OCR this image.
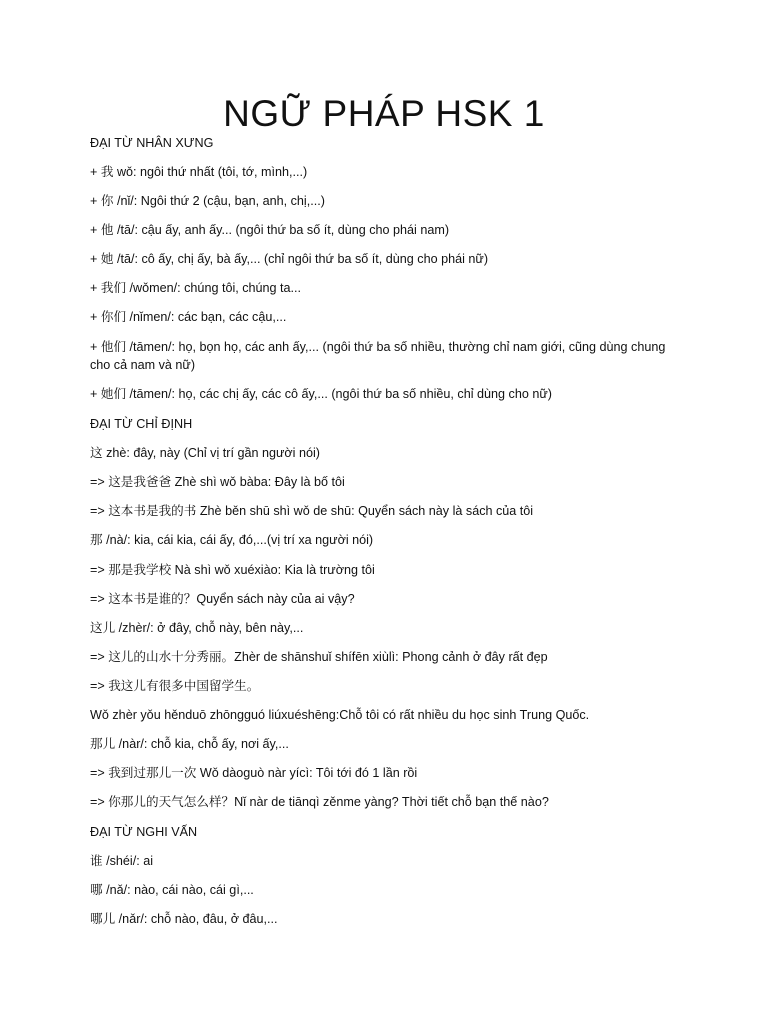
NGỮ PHÁP HSK 1
ĐẠI TỪ NHÂN XƯNG
+ 我 wǒ: ngôi thứ nhất (tôi, tớ, mình,...)
+ 你 /nǐ/: Ngôi thứ 2 (cậu, bạn, anh, chị,...)
+ 他 /tā/: cậu ấy, anh ấy... (ngôi thứ ba số ít, dùng cho phái nam)
+ 她 /tā/: cô ấy, chị ấy, bà ấy,... (chỉ ngôi thứ ba số ít, dùng cho phái nữ)
+ 我们 /wǒmen/: chúng tôi, chúng ta...
+ 你们 /nǐmen/: các bạn, các cậu,...
+ 他们 /tāmen/: họ, bọn họ, các anh ấy,... (ngôi thứ ba số nhiều, thường chỉ nam giới, cũng dùng chung cho cả nam và nữ)
+ 她们 /tāmen/: họ, các chị ấy, các cô ấy,... (ngôi thứ ba số nhiều, chỉ dùng cho nữ)
ĐẠI TỪ CHỈ ĐỊNH
这 zhè: đây, này (Chỉ vị trí gần người nói)
=> 这是我爸爸 Zhè shì wǒ bàba: Đây là bố tôi
=> 这本书是我的书 Zhè běn shū shì wǒ de shū: Quyển sách này là sách của tôi
那 /nà/: kia, cái kia, cái ấy, đó,...(vị trí xa người nói)
=> 那是我学校 Nà shì wǒ xuéxiào: Kia là trường tôi
=> 这本书是谁的？Quyển sách này của ai vậy?
这儿 /zhèr/: ở đây, chỗ này, bên này,...
=> 这儿的山水十分秀丽。Zhèr de shānshuǐ shífēn xiùlì: Phong cảnh ở đây rất đẹp
=> 我这儿有很多中国留学生。
Wǒ zhèr yǒu hěnduō zhōngguó liúxuéshēng:Chỗ tôi có rất nhiều du học sinh Trung Quốc.
那儿 /nàr/: chỗ kia, chỗ ấy, nơi ấy,...
=> 我到过那儿一次 Wǒ dàoguò nàr yícì: Tôi tới đó 1 lần rồi
=> 你那儿的天气怎么样？Nǐ nàr de tiānqì zěnme yàng? Thời tiết chỗ bạn thế nào?
ĐẠI TỪ NGHI VẤN
谁 /shéi/: ai
哪 /nǎ/: nào, cái nào, cái gì,...
哪儿 /nǎr/: chỗ nào, đâu, ở đâu,...
